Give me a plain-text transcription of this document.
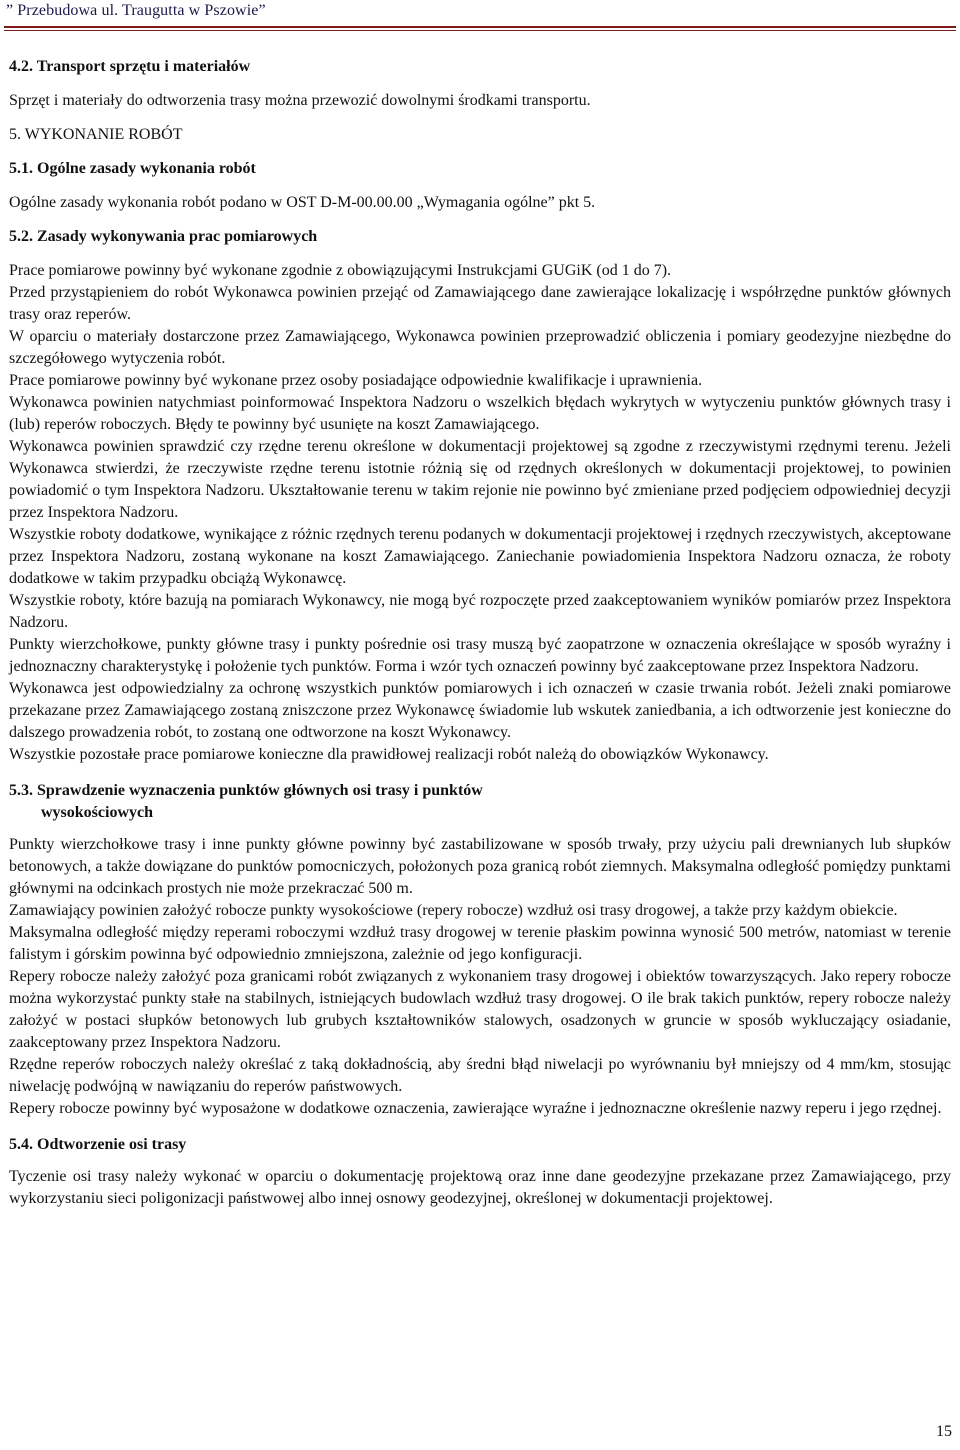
” Przebudowa ul. Traugutta w Pszowie”

4.2. Transport sprzętu i materiałów

Sprzęt i materiały do odtworzenia trasy można przewozić dowolnymi środkami transportu.

5. WYKONANIE ROBÓT

5.1. Ogólne zasady wykonania robót

Ogólne zasady wykonania robót podano w OST D-M-00.00.00 „Wymagania ogólne” pkt 5.

5.2. Zasady wykonywania prac pomiarowych

Prace pomiarowe powinny być wykonane zgodnie z obowiązującymi Instrukcjami GUGiK (od 1 do 7).

Przed przystąpieniem do robót Wykonawca powinien przejąć od Zamawiającego dane zawierające lokalizację i współrzędne punktów głównych trasy oraz reperów.

W oparciu o materiały dostarczone przez Zamawiającego, Wykonawca powinien przeprowadzić obliczenia i pomiary geodezyjne niezbędne do szczegółowego wytyczenia robót.

Prace pomiarowe powinny być wykonane przez osoby posiadające odpowiednie kwalifikacje i uprawnienia.

Wykonawca powinien natychmiast poinformować Inspektora Nadzoru o wszelkich błędach wykrytych w wytyczeniu punktów głównych trasy i (lub) reperów roboczych. Błędy te powinny być usunięte na koszt Zamawiającego.

Wykonawca powinien sprawdzić czy rzędne terenu określone w dokumentacji projektowej są zgodne z rzeczywistymi rzędnymi terenu. Jeżeli Wykonawca stwierdzi, że rzeczywiste rzędne terenu istotnie różnią się od rzędnych określonych w dokumentacji projektowej, to powinien powiadomić o tym Inspektora Nadzoru. Ukształtowanie terenu w takim rejonie nie powinno być zmieniane przed podjęciem odpowiedniej decyzji przez Inspektora Nadzoru.

Wszystkie roboty dodatkowe, wynikające z różnic rzędnych terenu podanych w dokumentacji projektowej i rzędnych rzeczywistych, akceptowane przez Inspektora Nadzoru, zostaną wykonane na koszt Zamawiającego. Zaniechanie powiadomienia Inspektora Nadzoru oznacza, że roboty dodatkowe w takim przypadku obciążą Wykonawcę.

Wszystkie roboty, które bazują na pomiarach Wykonawcy, nie mogą być rozpoczęte przed zaakceptowaniem wyników pomiarów przez Inspektora Nadzoru.

Punkty wierzchołkowe, punkty główne trasy i punkty pośrednie osi trasy muszą być zaopatrzone w oznaczenia określające w sposób wyraźny i jednoznaczny charakterystykę i położenie tych punktów. Forma i wzór tych oznaczeń powinny być zaakceptowane przez Inspektora Nadzoru.

Wykonawca jest odpowiedzialny za ochronę wszystkich punktów pomiarowych i ich oznaczeń w czasie trwania robót. Jeżeli znaki pomiarowe przekazane przez Zamawiającego zostaną zniszczone przez Wykonawcę świadomie lub wskutek zaniedbania, a ich odtworzenie jest konieczne do dalszego prowadzenia robót, to zostaną one odtworzone na koszt Wykonawcy.

Wszystkie pozostałe prace pomiarowe konieczne dla prawidłowej realizacji robót należą do obowiązków Wykonawcy.

5.3. Sprawdzenie wyznaczenia punktów głównych osi trasy i punktów

wysokościowych

Punkty wierzchołkowe trasy i inne punkty główne powinny być zastabilizowane w sposób trwały, przy użyciu pali drewnianych lub słupków betonowych, a także dowiązane do punktów pomocniczych, położonych poza granicą robót ziemnych. Maksymalna odległość pomiędzy punktami głównymi na odcinkach prostych nie może przekraczać 500 m.

Zamawiający powinien założyć robocze punkty wysokościowe (repery robocze) wzdłuż osi trasy drogowej, a także przy każdym obiekcie.

Maksymalna odległość między reperami roboczymi wzdłuż trasy drogowej w terenie płaskim powinna wynosić 500 metrów, natomiast w terenie falistym i górskim powinna być odpowiednio zmniejszona, zależnie od jego konfiguracji.

Repery robocze należy założyć poza granicami robót związanych z wykonaniem trasy drogowej i obiektów towarzyszących. Jako repery robocze można wykorzystać punkty stałe na stabilnych, istniejących budowlach wzdłuż trasy drogowej. O ile brak takich punktów, repery robocze należy założyć w postaci słupków betonowych lub grubych kształtowników stalowych, osadzonych w gruncie w sposób wykluczający osiadanie, zaakceptowany przez Inspektora Nadzoru.

Rzędne reperów roboczych należy określać z taką dokładnością, aby średni błąd niwelacji po wyrównaniu był mniejszy od 4 mm/km, stosując niwelację podwójną w nawiązaniu do reperów państwowych.

Repery robocze powinny być wyposażone w dodatkowe oznaczenia, zawierające wyraźne i jednoznaczne określenie nazwy reperu i jego rzędnej.

5.4. Odtworzenie osi trasy

Tyczenie osi trasy należy wykonać w oparciu o dokumentację projektową oraz inne dane geodezyjne przekazane przez Zamawiającego, przy wykorzystaniu sieci poligonizacji państwowej albo innej osnowy geodezyjnej, określonej w dokumentacji projektowej.

15
